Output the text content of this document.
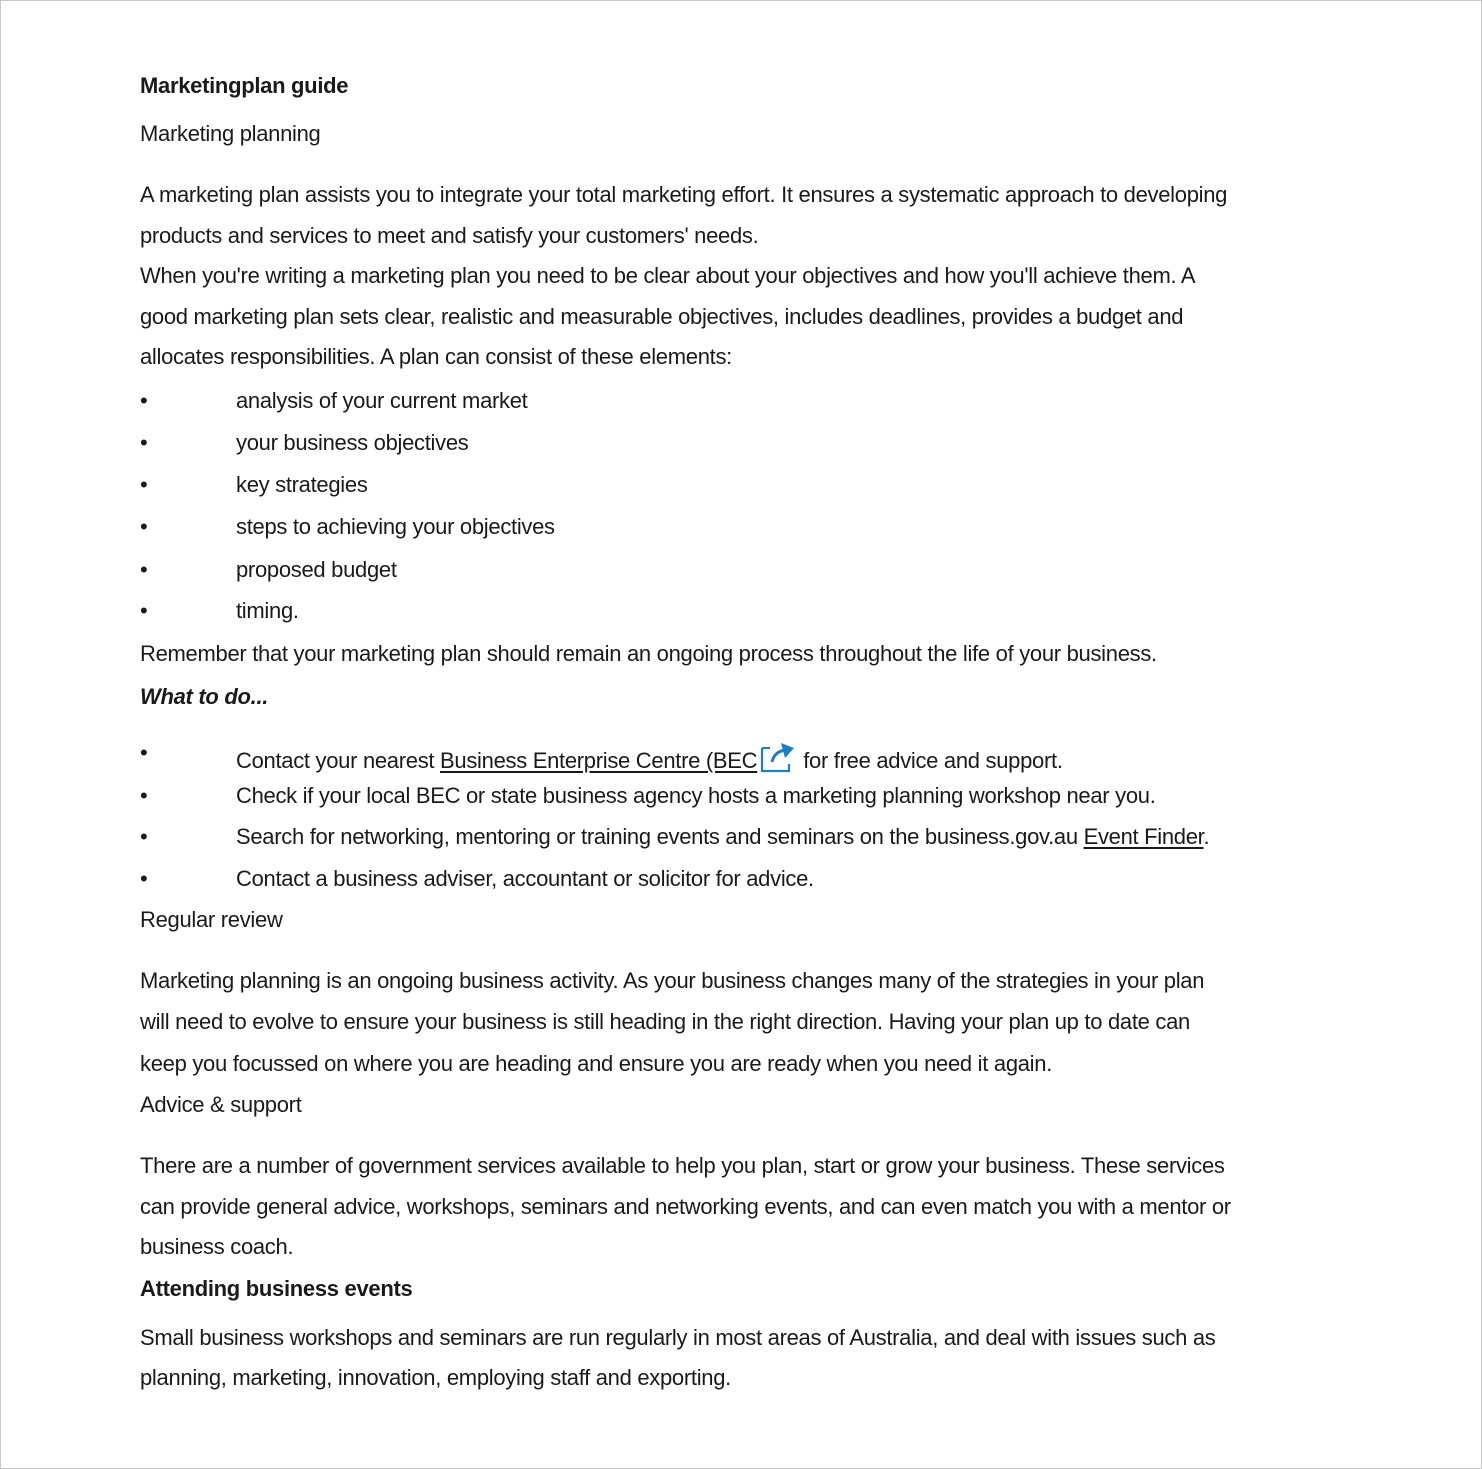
Marketingplan guide
Marketing planning
A marketing plan assists you to integrate your total marketing effort. It ensures a systematic approach to developing
products and services to meet and satisfy your customers' needs.
When you're writing a marketing plan you need to be clear about your objectives and how you'll achieve them. A
good marketing plan sets clear, realistic and measurable objectives, includes deadlines, provides a budget and
allocates responsibilities. A plan can consist of these elements:
•	analysis of your current market
•	your business objectives
•	key strategies
•	steps to achieving your objectives
•	proposed budget
•	timing.
Remember that your marketing plan should remain an ongoing process throughout the life of your business.
What to do...
•	Contact your nearest Business Enterprise Centre (BEC for free advice and support.
•	Check if your local BEC or state business agency hosts a marketing planning workshop near you.
•	Search for networking, mentoring or training events and seminars on the business.gov.au Event Finder.
•	Contact a business adviser, accountant or solicitor for advice.
Regular review
Marketing planning is an ongoing business activity. As your business changes many of the strategies in your plan
will need to evolve to ensure your business is still heading in the right direction. Having your plan up to date can
keep you focussed on where you are heading and ensure you are ready when you need it again.
Advice & support
There are a number of government services available to help you plan, start or grow your business. These services
can provide general advice, workshops, seminars and networking events, and can even match you with a mentor or
business coach.
Attending business events
Small business workshops and seminars are run regularly in most areas of Australia, and deal with issues such as
planning, marketing, innovation, employing staff and exporting.
